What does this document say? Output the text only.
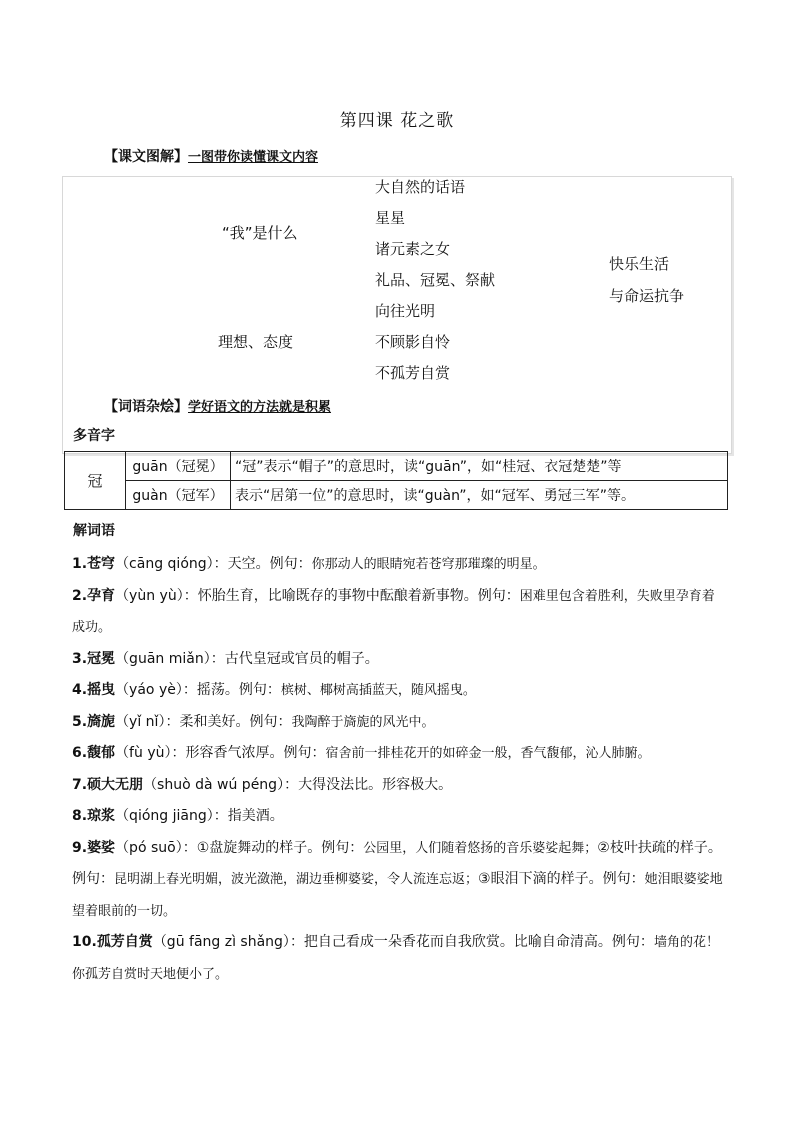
第四课 花之歌
【课文图解】一图带你读懂课文内容
“我”是什么
理想、态度
大自然的话语
星星
诸元素之女
礼品、冠冕、祭献
向往光明
不顾影自怜
不孤芳自赏
快乐生活
与命运抗争
【词语杂烩】学好语文的方法就是积累
多音字
冠	guān（冠冕）	“冠”表示“帽子”的意思时，读“guān”，如“桂冠、衣冠楚楚”等
	guàn（冠军）	表示“居第一位”的意思时，读“guàn”，如“冠军、勇冠三军”等。
解词语

1.苍穹（cāng qióng）：天空。例句：你那动人的眼睛宛若苍穹那璀璨的明星。

2.孕育（yùn yù）：怀胎生育，比喻既存的事物中酝酿着新事物。例句：困难里包含着胜利，失败里孕育着成功。

3.冠冕（guān miǎn）：古代皇冠或官员的帽子。

4.摇曳（yáo yè）：摇荡。例句：槟树、椰树高插蓝天，随风摇曳。

5.旖旎（yǐ nǐ）：柔和美好。例句：我陶醉于旖旎的风光中。

6.馥郁（fù yù）：形容香气浓厚。例句：宿舍前一排桂花开的如碎金一般，香气馥郁，沁人肺腑。

7.硕大无朋（shuò dà wú péng）：大得没法比。形容极大。

8.琼浆（qióng jiāng）：指美酒。

9.婆娑（pó suō）：①盘旋舞动的样子。例句：公园里，人们随着悠扬的音乐婆娑起舞；②枝叶扶疏的样子。例句：昆明湖上春光明媚，波光潋滟，湖边垂柳婆娑，令人流连忘返；③眼泪下滴的样子。例句：她泪眼婆娑地望着眼前的一切。

10.孤芳自赏（gū fāng zì shǎng）：把自己看成一朵香花而自我欣赏。比喻自命清高。例句：墙角的花！你孤芳自赏时天地便小了。
